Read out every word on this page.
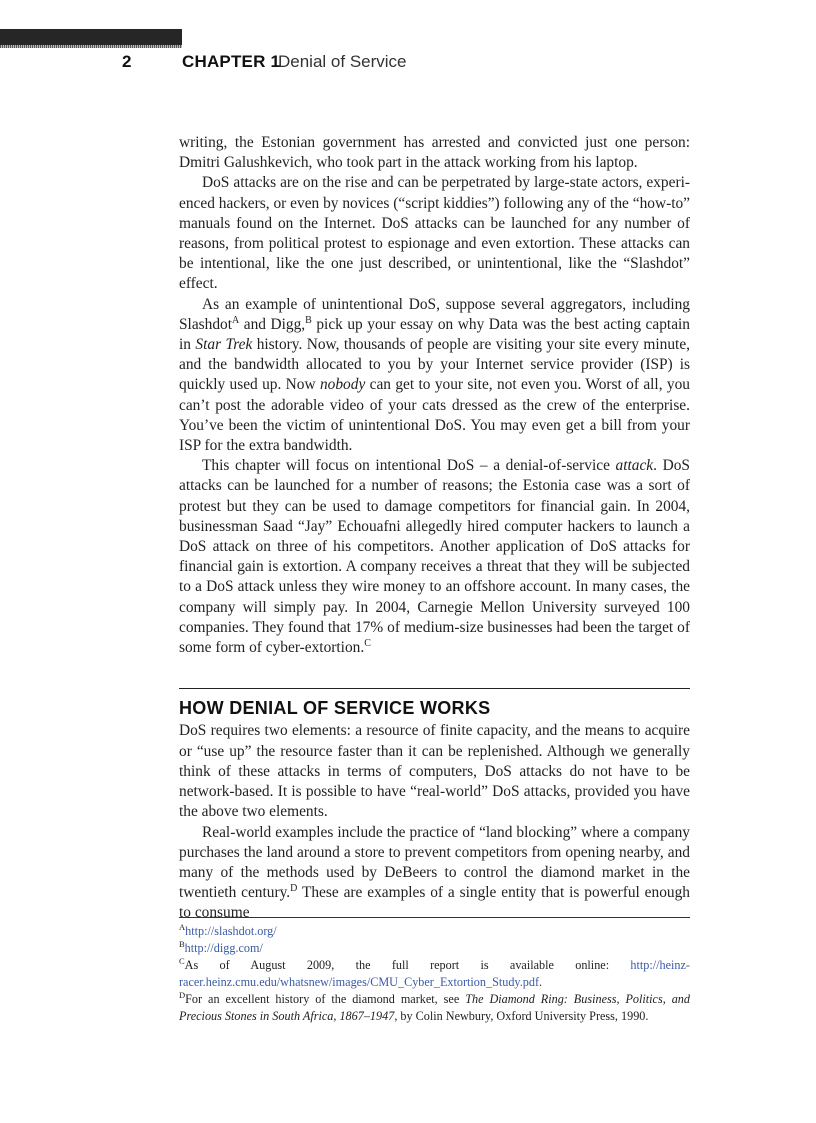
2	CHAPTER 1
Denial of Service

writing, the Estonian government has arrested and convicted just one person: Dmitri Galushkevich, who took part in the attack working from his laptop.

DoS attacks are on the rise and can be perpetrated by large-state actors, experienced hackers, or even by novices (“script kiddies”) following any of the “how-to” manuals found on the Internet. DoS attacks can be launched for any number of reasons, from political protest to espionage and even extortion. These attacks can be intentional, like the one just described, or unintentional, like the “Slashdot” effect.

As an example of unintentional DoS, suppose several aggregators, including Slashdot$^A$ and Digg,$^B$ pick up your essay on why Data was the best acting captain in Star Trek history. Now, thousands of people are visiting your site every minute, and the bandwidth allocated to you by your Internet service provider (ISP) is quickly used up. Now nobody can get to your site, not even you. Worst of all, you can’t post the adorable video of your cats dressed as the crew of the enterprise. You’ve been the victim of unintentional DoS. You may even get a bill from your ISP for the extra bandwidth.

This chapter will focus on intentional DoS – a denial-of-service attack. DoS attacks can be launched for a number of reasons; the Estonia case was a sort of protest but they can be used to damage competitors for financial gain. In 2004, businessman Saad “Jay” Echouafni allegedly hired computer hackers to launch a DoS attack on three of his competitors. Another application of DoS attacks for financial gain is extortion. A company receives a threat that they will be subjected to a DoS attack unless they wire money to an offshore account. In many cases, the company will simply pay. In 2004, Carnegie Mellon University surveyed 100 companies. They found that 17% of medium-size businesses had been the target of some form of cyber-extortion.$^C$

HOW DENIAL OF SERVICE WORKS

DoS requires two elements: a resource of finite capacity, and the means to acquire or “use up” the resource faster than it can be replenished. Although we generally think of these attacks in terms of computers, DoS attacks do not have to be network-based. It is possible to have “real-world” DoS attacks, provided you have the above two elements.

Real-world examples include the practice of “land blocking” where a company purchases the land around a store to prevent competitors from opening nearby, and many of the methods used by DeBeers to control the diamond market in the twentieth century.$^D$ These are examples of a single entity that is powerful enough to consume

$^A$http://slashdot.org/

$^B$http://digg.com/

$^C$As of August 2009, the full report is available online: http://heinz-racer.heinz.cmu.edu/whatsnew/images/CMU_Cyber_Extortion_Study.pdf.

$^D$For an excellent history of the diamond market, see The Diamond Ring: Business, Politics, and Precious Stones in South Africa, 1867–1947, by Colin Newbury, Oxford University Press, 1990.
